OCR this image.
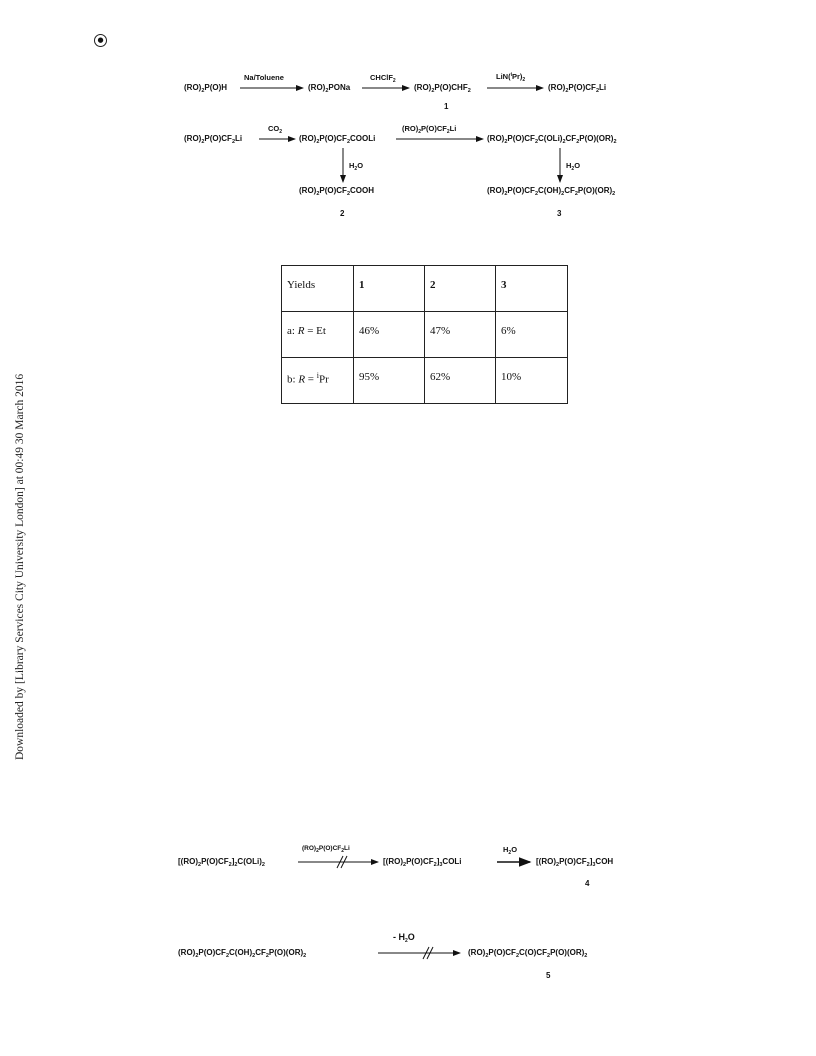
Downloaded by [Library Services City University London] at 00:49 30 March 2016
●
$(RO)_2P(O)H$
Na/Toluene
$(RO)_2PONa$
CHClF$_2$
$(RO)_2P(O)CHF_2$
1
$LiN(^iPr)_2$
$(RO)_2P(O)CF_2Li$
$(RO)_2P(O)CF_2Li$
$CO_2$
$(RO)_2P(O)CF_2COOLi$
$(RO)_2P(O)CF_2Li$
$(RO)_2P(O)CF_2C(OLi)_2CF_2P(O)(OR)_2$
$H_2O$	$H_2O$
$(RO)_2P(O)CF_2COOH$
2
$(RO)_2P(O)CF_2C(OH)_2CF_2P(O)(OR)_2$
3
Yields	1	2	3
a: R = Et	46%	47%	6%
b: R = $^i$Pr	95%	62%	10%
$[(RO)_2P(O)CF_2]_2C(OLi)_2$
$(RO)_2P(O)CF_2Li$
$[(RO)_2P(O)CF_2]_3COLi$
$H_2O$
$[(RO)_2P(O)CF_2]_3COH$
4
$(RO)_2P(O)CF_2C(OH)_2CF_2P(O)(OR)_2$
- $H_2O$
$(RO)_2P(O)CF_2C(O)CF_2P(O)(OR)_2$
5
